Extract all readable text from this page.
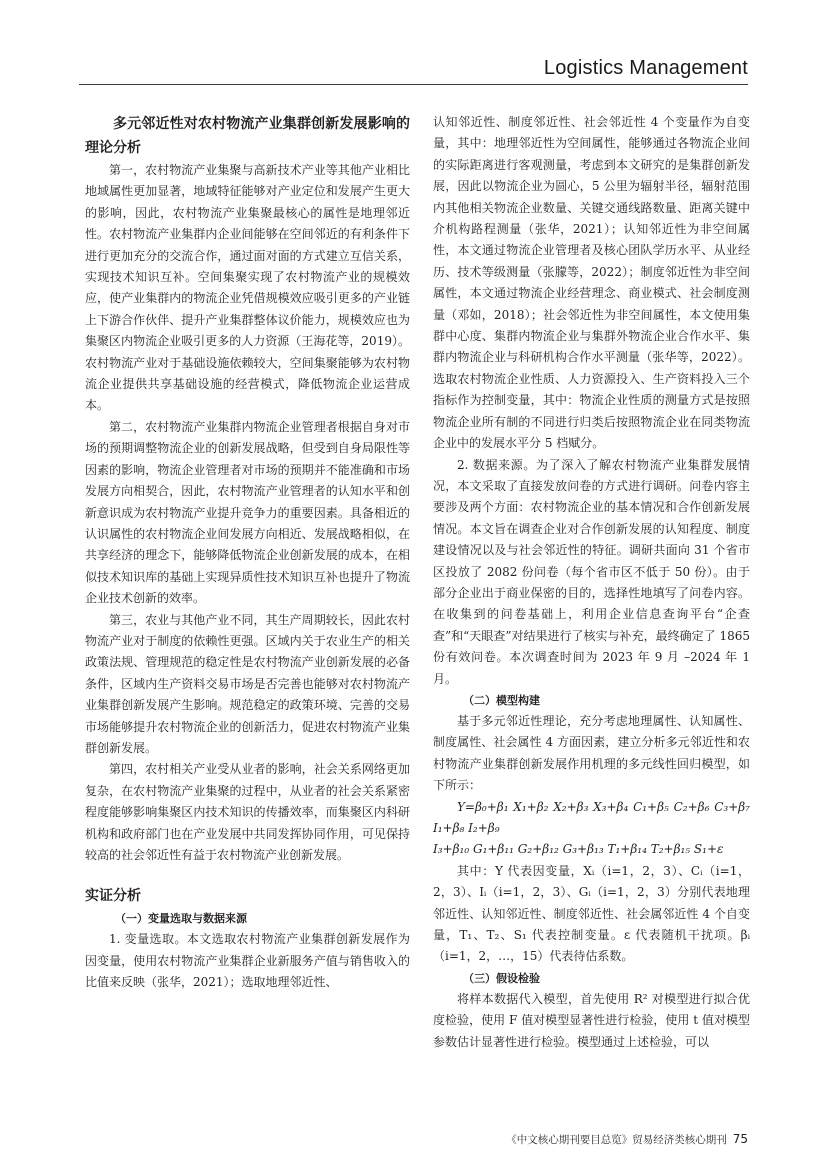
Logistics Management
多元邻近性对农村物流产业集群创新发展影响的理论分析

第一，农村物流产业集聚与高新技术产业等其他产业相比地域属性更加显著，地域特征能够对产业定位和发展产生更大的影响，因此，农村物流产业集聚最核心的属性是地理邻近性。农村物流产业集群内企业间能够在空间邻近的有利条件下进行更加充分的交流合作，通过面对面的方式建立互信关系，实现技术知识互补。空间集聚实现了农村物流产业的规模效应，使产业集群内的物流企业凭借规模效应吸引更多的产业链上下游合作伙伴、提升产业集群整体议价能力，规模效应也为集聚区内物流企业吸引更多的人力资源（王海花等，2019）。农村物流产业对于基础设施依赖较大，空间集聚能够为农村物流企业提供共享基础设施的经营模式，降低物流企业运营成本。

第二，农村物流产业集群内物流企业管理者根据自身对市场的预期调整物流企业的创新发展战略，但受到自身局限性等因素的影响，物流企业管理者对市场的预期并不能准确和市场发展方向相契合，因此，农村物流产业管理者的认知水平和创新意识成为农村物流产业提升竞争力的重要因素。具备相近的认识属性的农村物流企业间发展方向相近、发展战略相似，在共享经济的理念下，能够降低物流企业创新发展的成本，在相似技术知识库的基础上实现异质性技术知识互补也提升了物流企业技术创新的效率。

第三，农业与其他产业不同，其生产周期较长，因此农村物流产业对于制度的依赖性更强。区域内关于农业生产的相关政策法规、管理规范的稳定性是农村物流产业创新发展的必备条件，区域内生产资料交易市场是否完善也能够对农村物流产业集群创新发展产生影响。规范稳定的政策环境、完善的交易市场能够提升农村物流企业的创新活力，促进农村物流产业集群创新发展。

第四，农村相关产业受从业者的影响，社会关系网络更加复杂，在农村物流产业集聚的过程中，从业者的社会关系紧密程度能够影响集聚区内技术知识的传播效率，而集聚区内科研机构和政府部门也在产业发展中共同发挥协同作用，可见保持较高的社会邻近性有益于农村物流产业创新发展。

实证分析
（一）变量选取与数据来源

1. 变量选取。本文选取农村物流产业集群创新发展作为因变量，使用农村物流产业集群企业新服务产值与销售收入的比值来反映（张华，2021）；选取地理邻近性、

认知邻近性、制度邻近性、社会邻近性 4 个变量作为自变量，其中：地理邻近性为空间属性，能够通过各物流企业间的实际距离进行客观测量，考虑到本文研究的是集群创新发展，因此以物流企业为圆心，5 公里为辐射半径，辐射范围内其他相关物流企业数量、关键交通线路数量、距离关键中介机构路程测量（张华，2021）；认知邻近性为非空间属性，本文通过物流企业管理者及核心团队学历水平、从业经历、技术等级测量（张朦等，2022）；制度邻近性为非空间属性，本文通过物流企业经营理念、商业模式、社会制度测量（邓如，2018）；社会邻近性为非空间属性，本文使用集群中心度、集群内物流企业与集群外物流企业合作水平、集群内物流企业与科研机构合作水平测量（张华等，2022）。选取农村物流企业性质、人力资源投入、生产资料投入三个指标作为控制变量，其中：物流企业性质的测量方式是按照物流企业所有制的不同进行归类后按照物流企业在同类物流企业中的发展水平分 5 档赋分。

2. 数据来源。为了深入了解农村物流产业集群发展情况，本文采取了直接发放问卷的方式进行调研。问卷内容主要涉及两个方面：农村物流企业的基本情况和合作创新发展情况。本文旨在调查企业对合作创新发展的认知程度、制度建设情况以及与社会邻近性的特征。调研共面向 31 个省市区投放了 2082 份问卷（每个省市区不低于 50 份）。由于部分企业出于商业保密的目的，选择性地填写了问卷内容。在收集到的问卷基础上，利用企业信息查询平台“企查查”和“天眼查”对结果进行了核实与补充，最终确定了 1865 份有效问卷。本次调查时间为 2023 年 9 月 –2024 年 1 月。

（二）模型构建

基于多元邻近性理论，充分考虑地理属性、认知属性、制度属性、社会属性 4 方面因素，建立分析多元邻近性和农村物流产业集群创新发展作用机理的多元线性回归模型，如下所示：

Y=β₀+β₁ X₁+β₂ X₂+β₃ X₃+β₄ C₁+β₅ C₂+β₆ C₃+β₇ I₁+β₈ I₂+β₉

I₃+β₁₀ G₁+β₁₁ G₂+β₁₂ G₃+β₁₃ T₁+β₁₄ T₂+β₁₅ S₁+ε

其中：Y 代表因变量，Xᵢ（i=1，2，3）、Cᵢ（i=1，2，3）、Iᵢ（i=1，2，3）、Gᵢ（i=1，2，3）分别代表地理邻近性、认知邻近性、制度邻近性、社会属邻近性 4 个自变量，T₁、T₂、S₁ 代表控制变量。ε 代表随机干扰项。βᵢ（i=1，2，…，15）代表待估系数。

（三）假设检验

将样本数据代入模型，首先使用 R² 对模型进行拟合优度检验，使用 F 值对模型显著性进行检验，使用 t 值对模型参数估计显著性进行检验。模型通过上述检验，可以

《中文核心期刊要目总览》贸易经济类核心期刊 75
